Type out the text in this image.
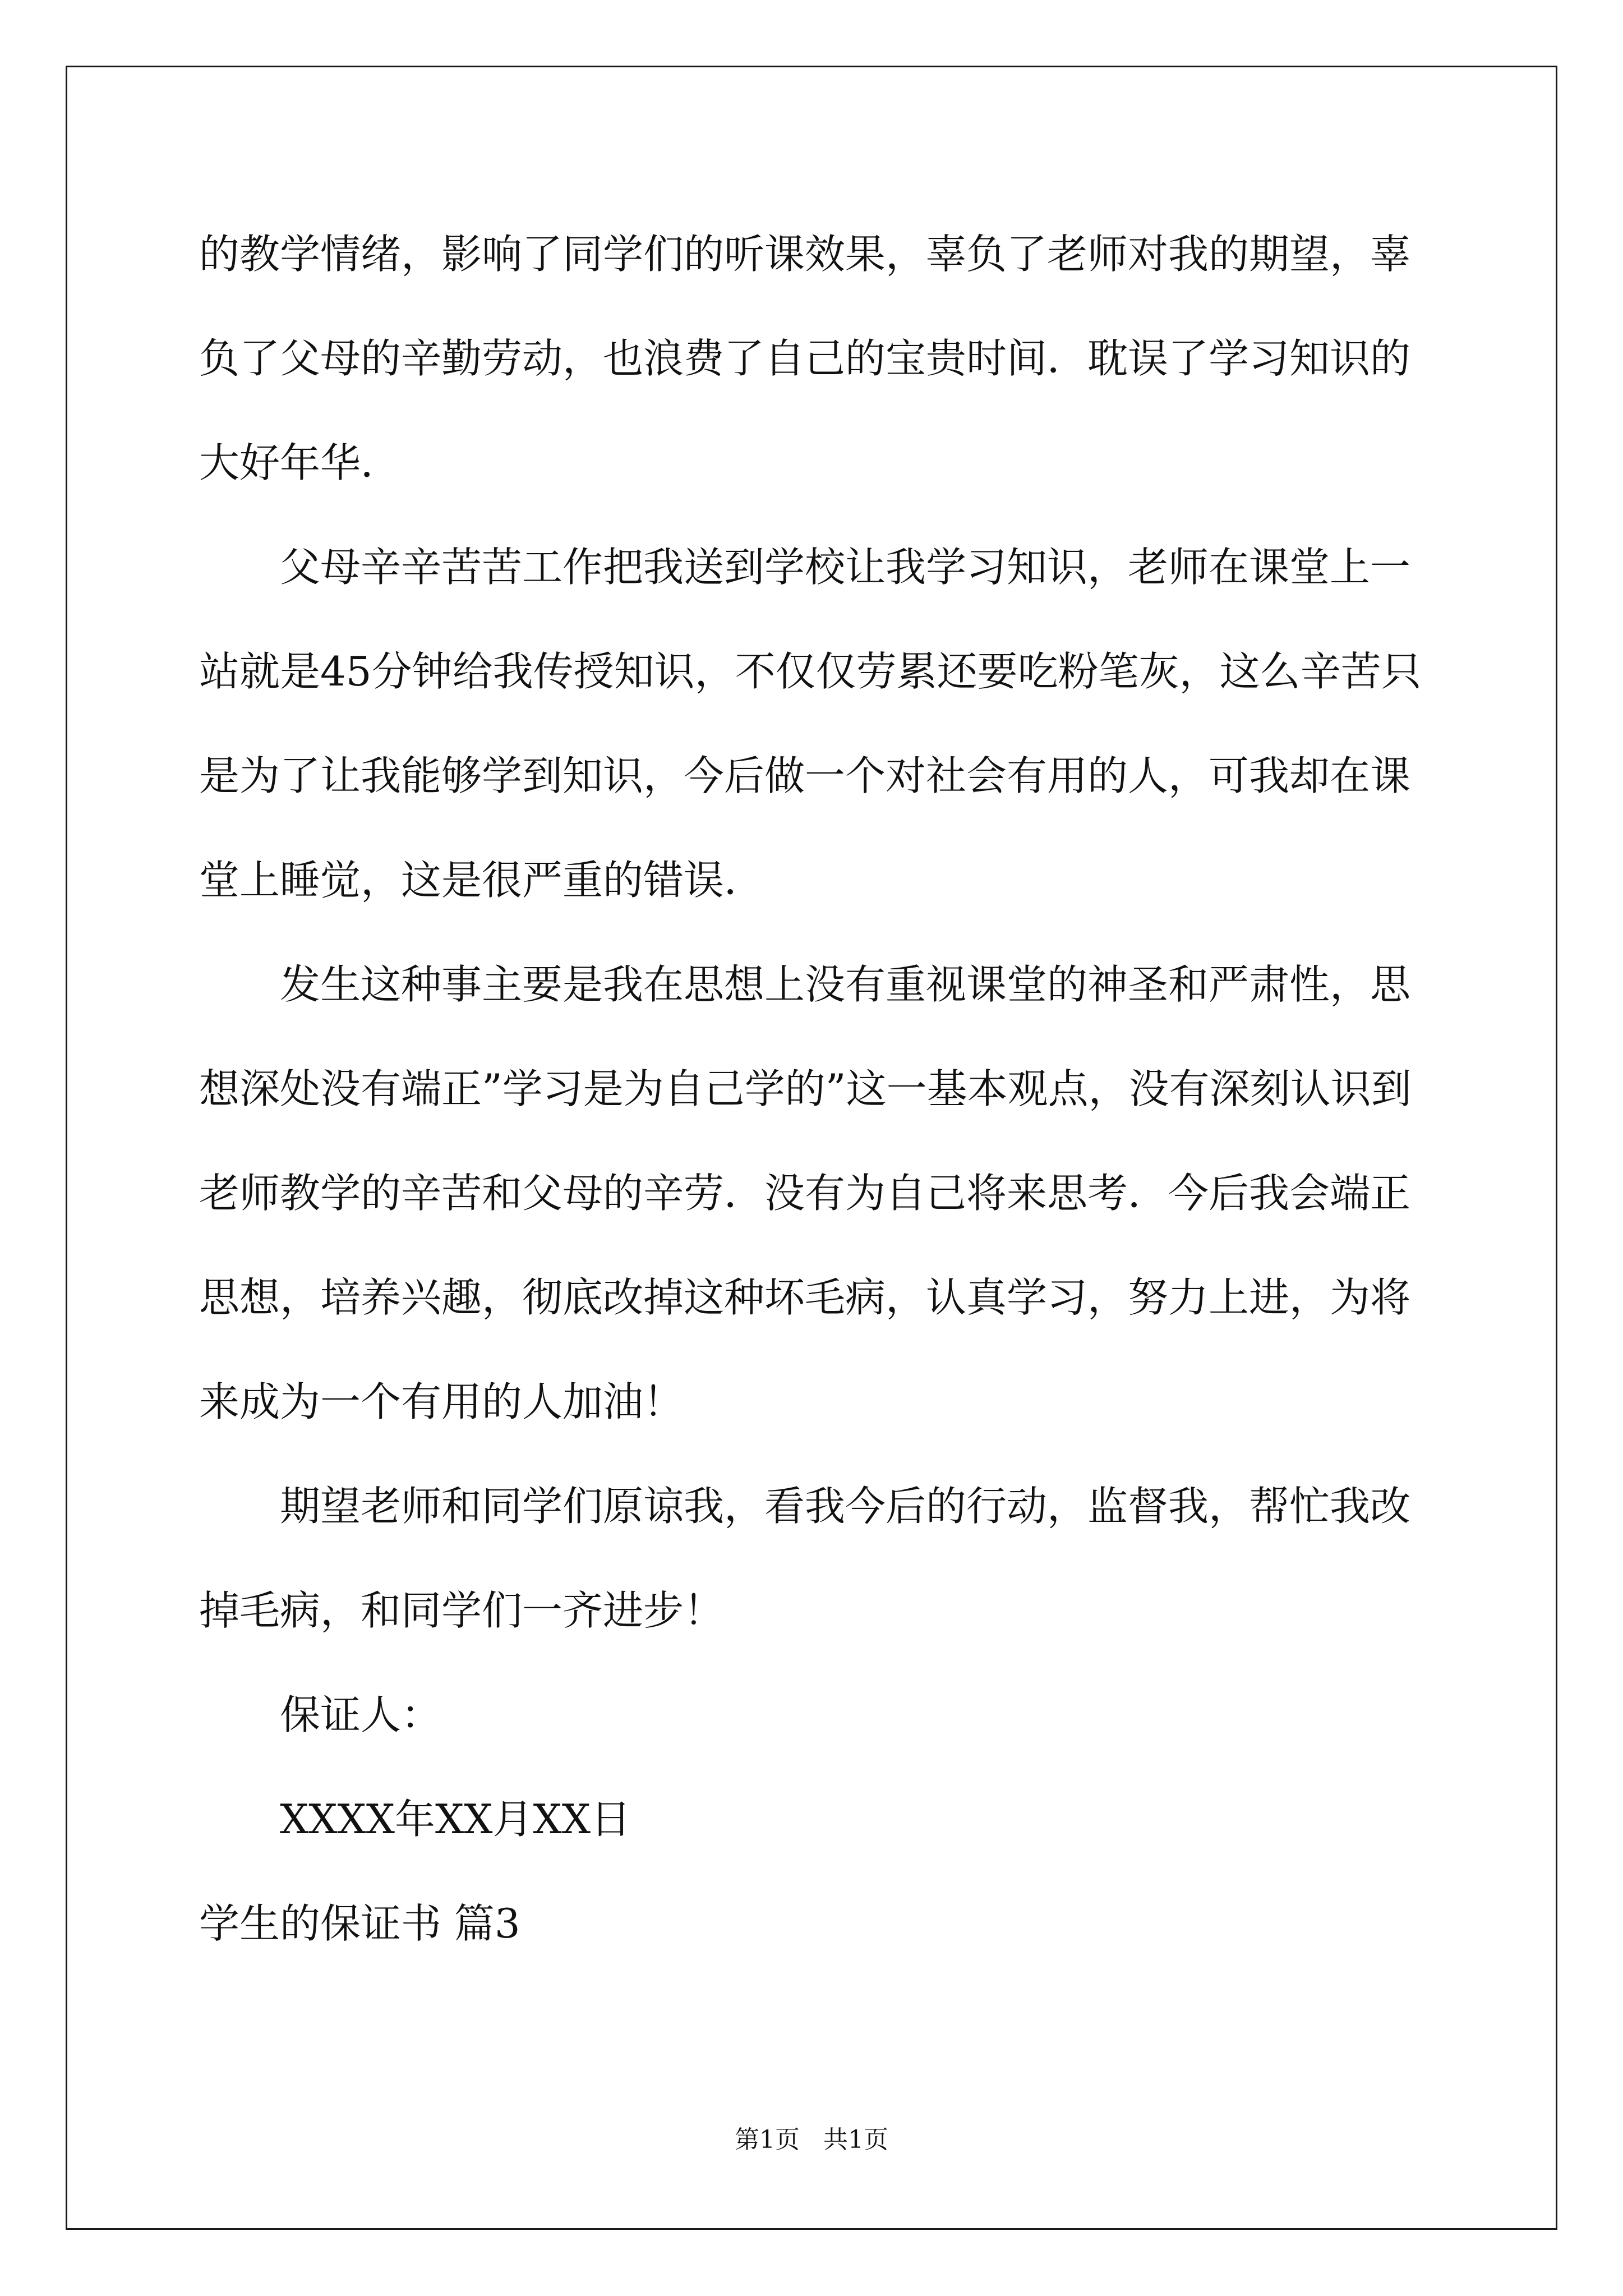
的教学情绪，影响了同学们的听课效果，辜负了老师对我的期望，辜负了父母的辛勤劳动，也浪费了自己的宝贵时间．耽误了学习知识的大好年华．

父母辛辛苦苦工作把我送到学校让我学习知识，老师在课堂上一站就是45分钟给我传授知识，不仅仅劳累还要吃粉笔灰，这么辛苦只是为了让我能够学到知识，今后做一个对社会有用的人，可我却在课堂上睡觉，这是很严重的错误．

发生这种事主要是我在思想上没有重视课堂的神圣和严肃性，思想深处没有端正”学习是为自己学的”这一基本观点，没有深刻认识到老师教学的辛苦和父母的辛劳．没有为自己将来思考．今后我会端正思想，培养兴趣，彻底改掉这种坏毛病，认真学习，努力上进，为将来成为一个有用的人加油！

期望老师和同学们原谅我，看我今后的行动，监督我，帮忙我改掉毛病，和同学们一齐进步！

保证人：

XXXX年XX月XX日

学生的保证书 篇3

第1页 共1页
